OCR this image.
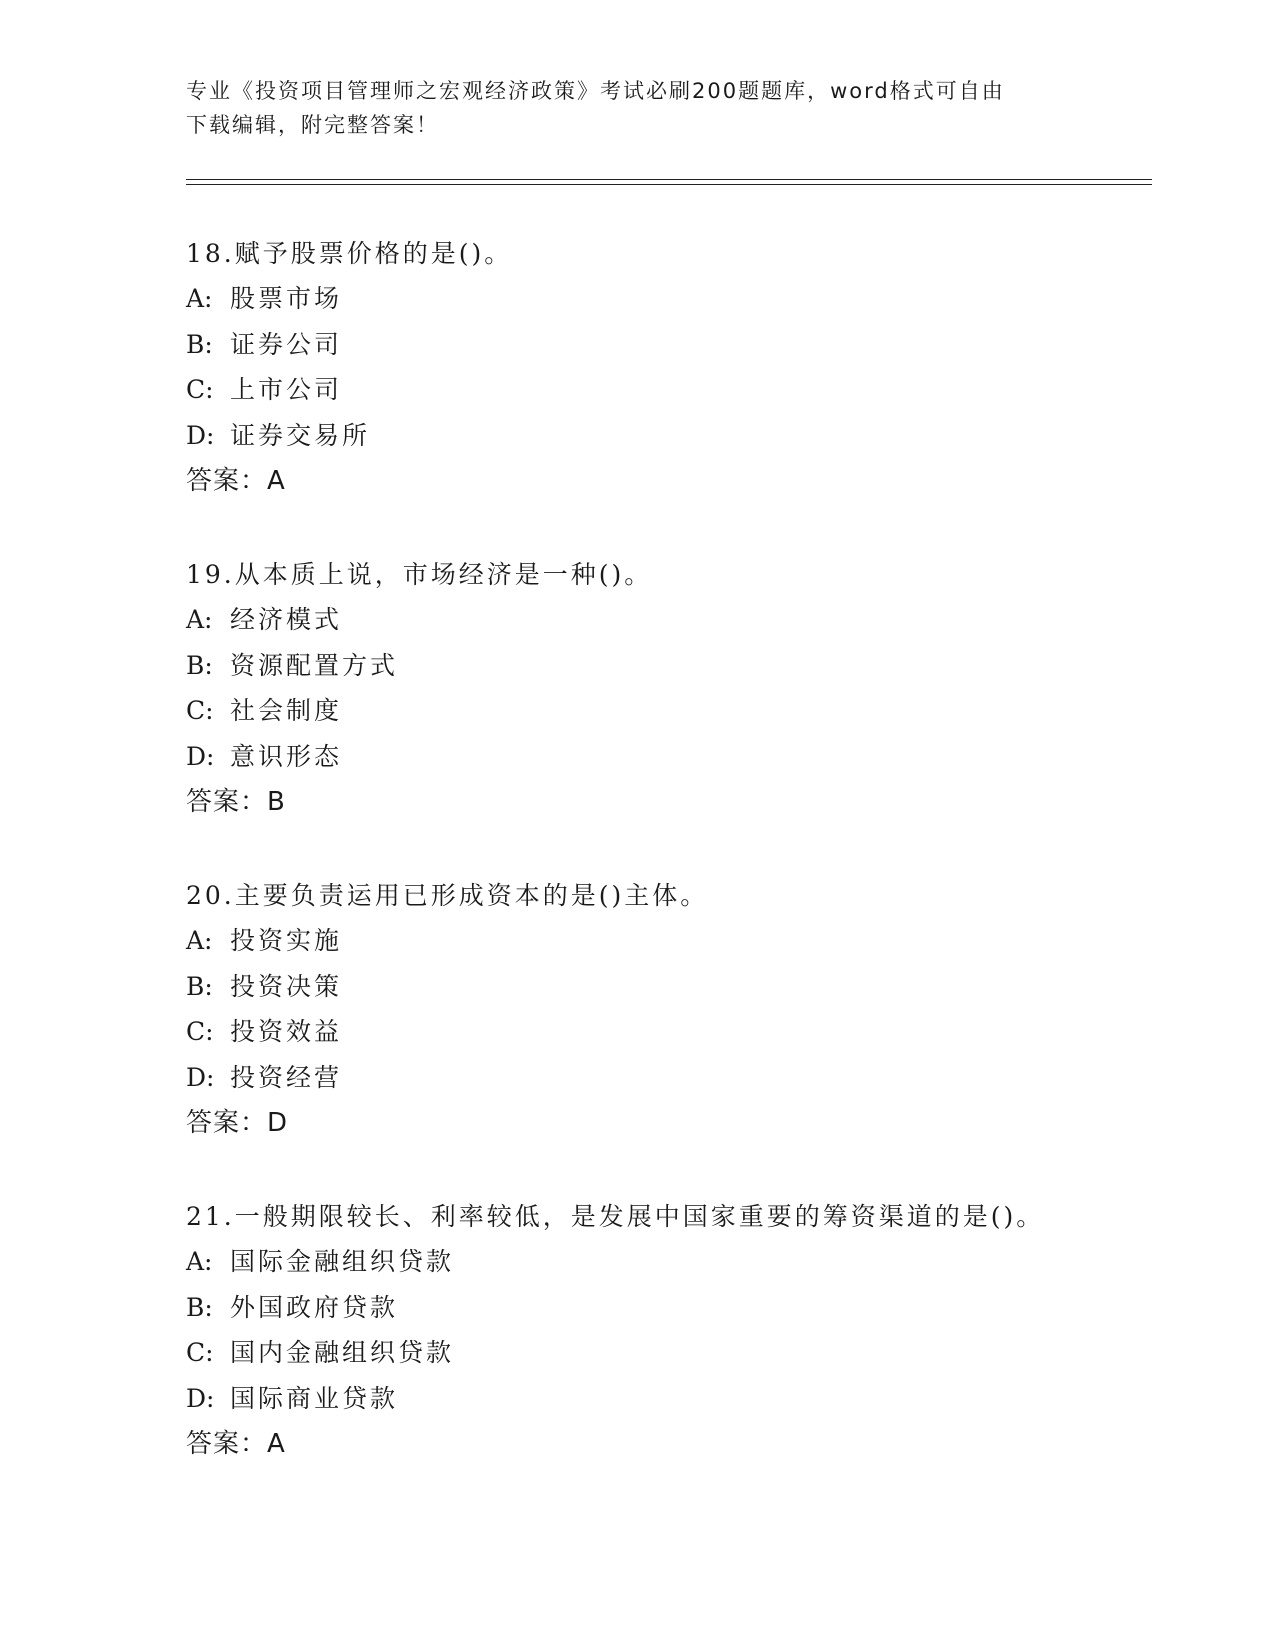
专业《投资项目管理师之宏观经济政策》考试必刷200题题库，word格式可自由
下载编辑，附完整答案！
18.赋予股票价格的是()。
A: 股票市场
B: 证券公司
C: 上市公司
D: 证券交易所
答案：A
19.从本质上说，市场经济是一种()。
A: 经济模式
B: 资源配置方式
C: 社会制度
D: 意识形态
答案：B
20.主要负责运用已形成资本的是()主体。
A: 投资实施
B: 投资决策
C: 投资效益
D: 投资经营
答案：D
21.一般期限较长、利率较低，是发展中国家重要的筹资渠道的是()。
A: 国际金融组织贷款
B: 外国政府贷款
C: 国内金融组织贷款
D: 国际商业贷款
答案：A
